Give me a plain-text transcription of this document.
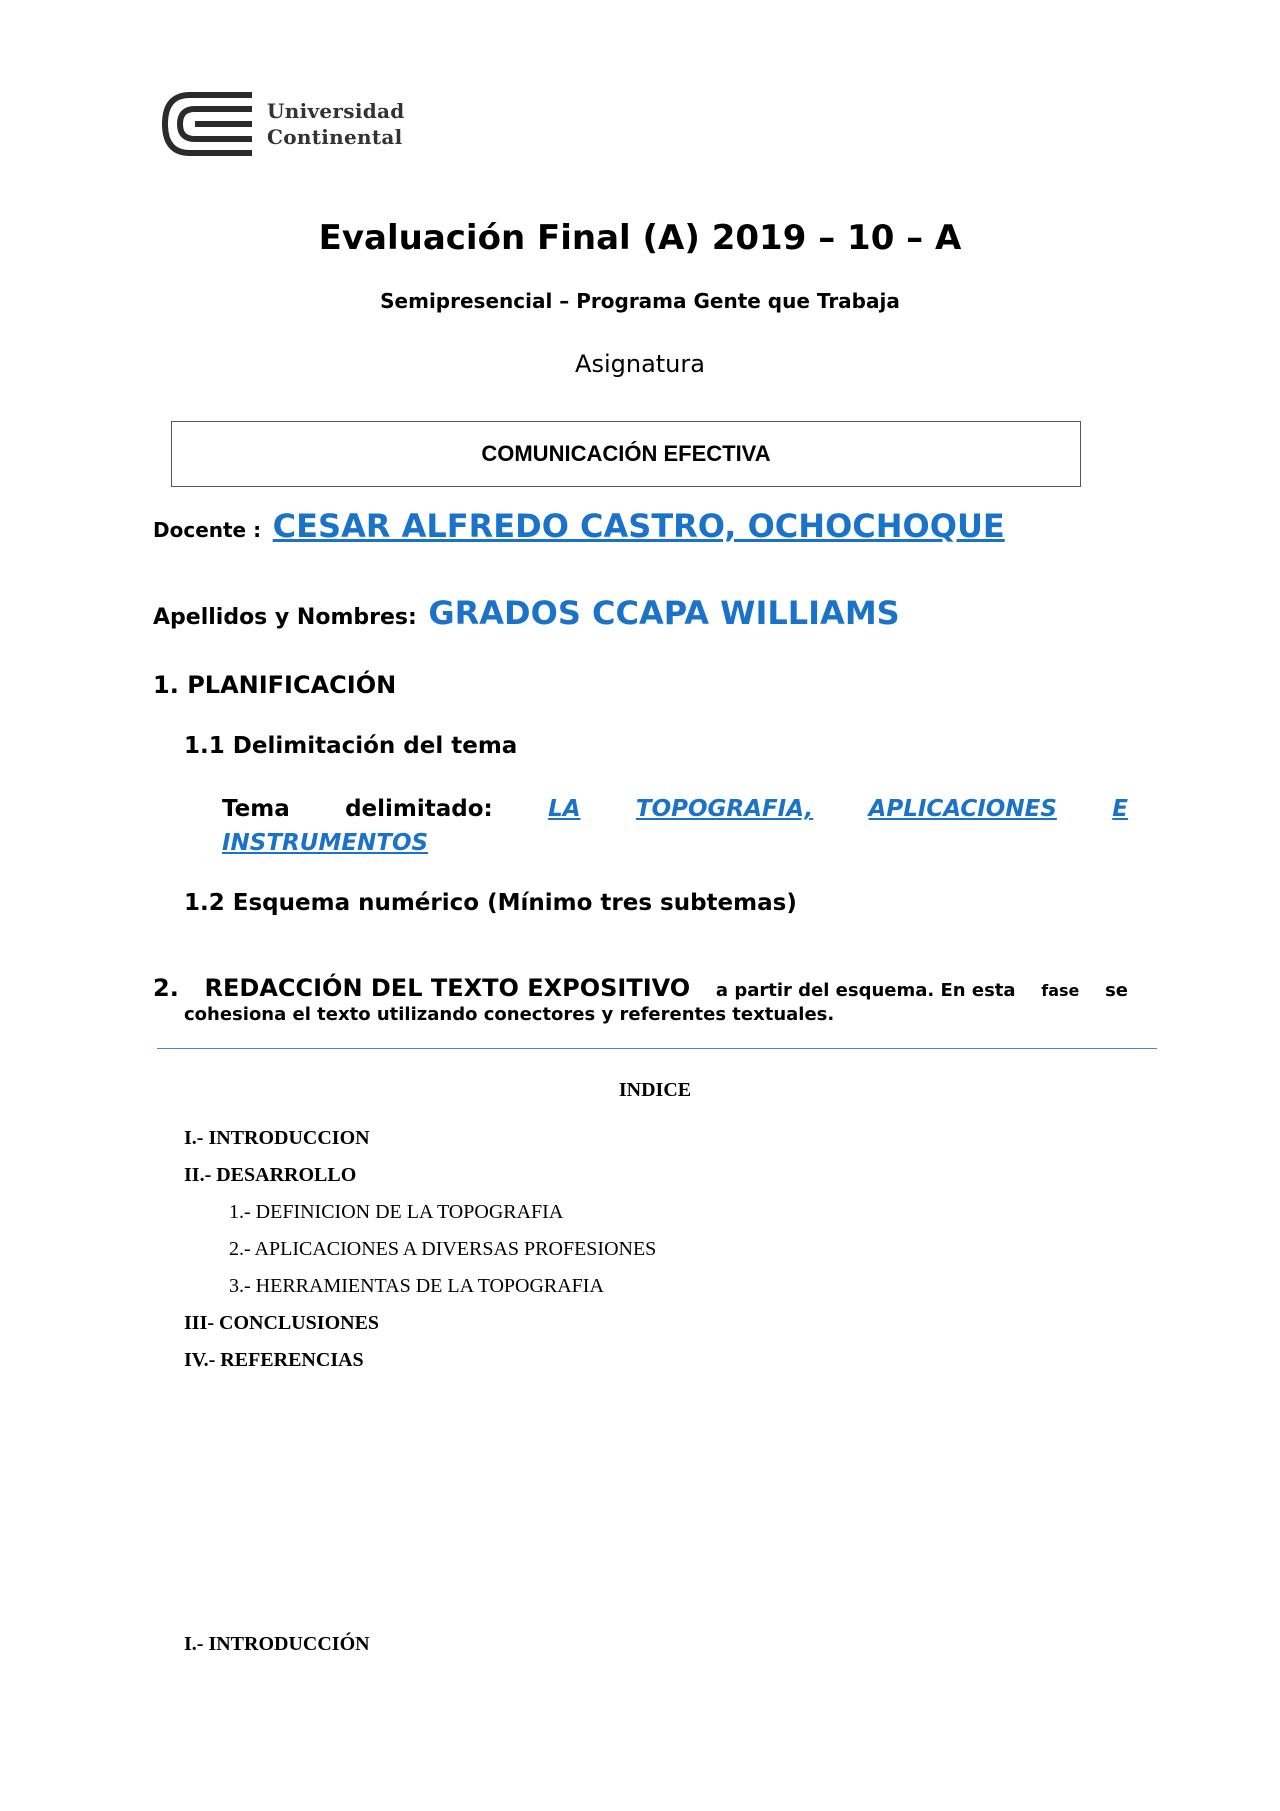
Universidad
Continental
Evaluación Final (A) 2019 – 10 – A
Semipresencial – Programa Gente que Trabaja
Asignatura
COMUNICACIÓN EFECTIVA
Docente : CESAR ALFREDO CASTRO, OCHOCHOQUE
Apellidos y Nombres: GRADOS CCAPA WILLIAMS
1. PLANIFICACIÓN
1.1 Delimitación del tema
Tema delimitado: LA TOPOGRAFIA, APLICACIONES E
INSTRUMENTOS
1.2 Esquema numérico (Mínimo tres subtemas)
2. REDACCIÓN DEL TEXTO EXPOSITIVO a partir del esquema. En esta fase se
cohesiona el texto utilizando conectores y referentes textuales.
INDICE
I.- INTRODUCCION
II.- DESARROLLO
1.- DEFINICION DE LA TOPOGRAFIA
2.- APLICACIONES A DIVERSAS PROFESIONES
3.- HERRAMIENTAS DE LA TOPOGRAFIA
III- CONCLUSIONES
IV.- REFERENCIAS
I.- INTRODUCCIÓN
